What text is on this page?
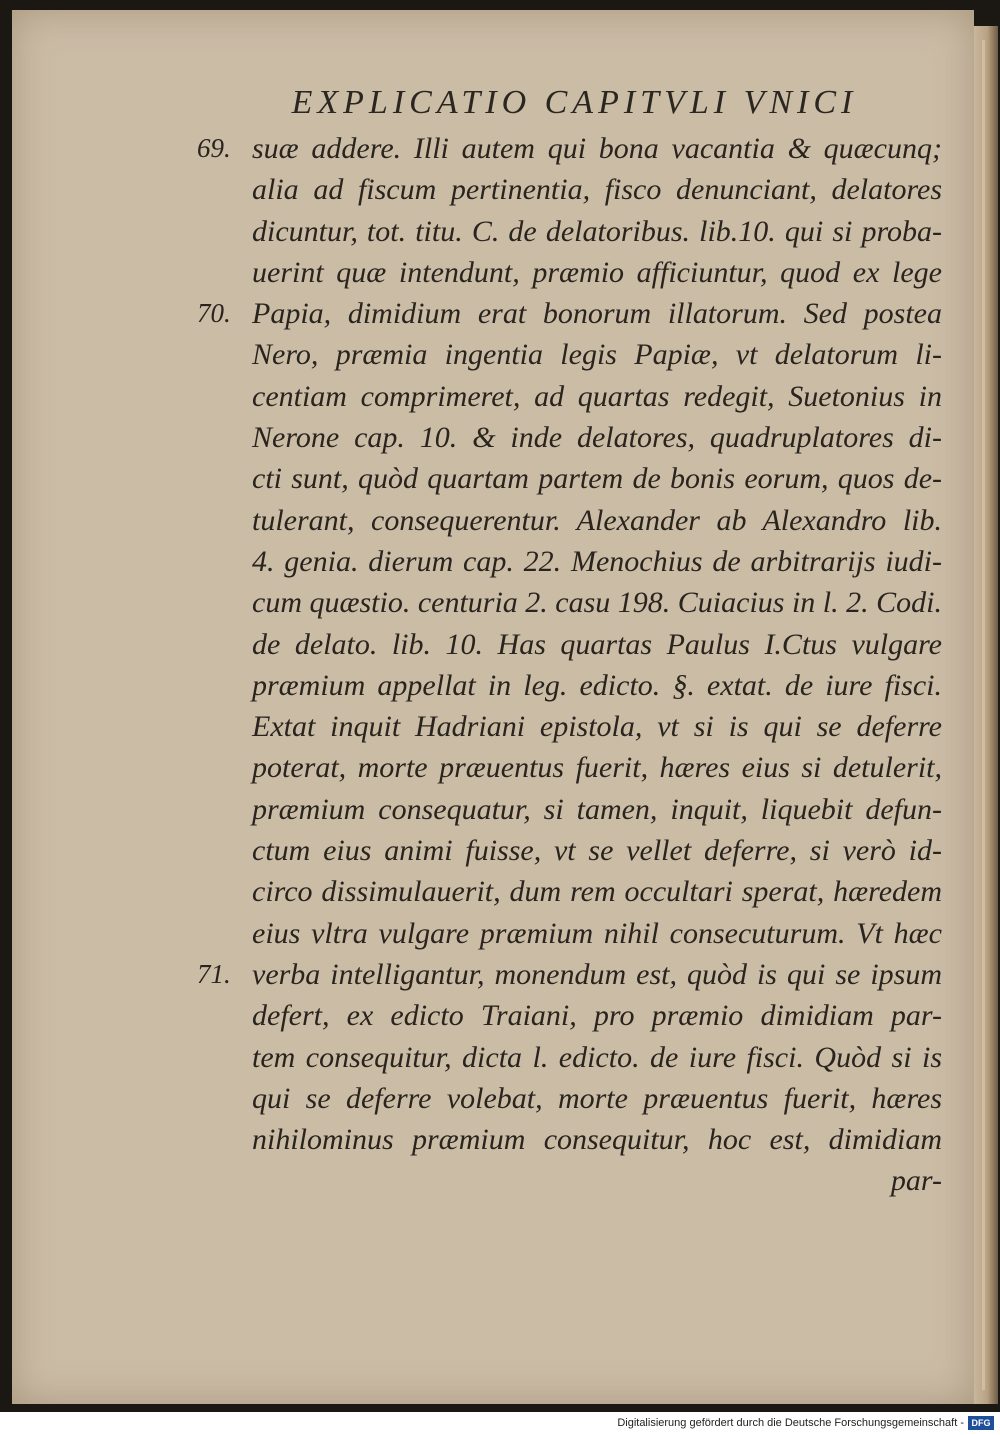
EXPLICATIO CAPITVLI VNICI
69. suæ addere. Illi autem qui bona vacantia & quæcunq;
alia ad fiscum pertinentia, fisco denunciant, delatores
dicuntur, tot. titu. C. de delatoribus. lib.10. qui si proba-
uerint quæ intendunt, præmio afficiuntur, quod ex lege
70. Papia, dimidium erat bonorum illatorum. Sed postea
Nero, præmia ingentia legis Papiæ, vt delatorum li-
centiam comprimeret, ad quartas redegit, Suetonius in
Nerone cap. 10. & inde delatores, quadruplatores di-
cti sunt, quòd quartam partem de bonis eorum, quos de-
tulerant, consequerentur. Alexander ab Alexandro lib.
4. genia. dierum cap. 22. Menochius de arbitrarijs iudi-
cum quæstio. centuria 2. casu 198. Cuiacius in l. 2. Codi.
de delato. lib. 10. Has quartas Paulus I.Ctus vulgare
præmium appellat in leg. edicto. §. extat. de iure fisci.
Extat inquit Hadriani epistola, vt si is qui se deferre
poterat, morte præuentus fuerit, hæres eius si detulerit,
præmium consequatur, si tamen, inquit, liquebit defun-
ctum eius animi fuisse, vt se vellet deferre, si verò id-
circo dissimulauerit, dum rem occultari sperat, hæredem
eius vltra vulgare præmium nihil consecuturum. Vt hæc
71. verba intelligantur, monendum est, quòd is qui se ipsum
defert, ex edicto Traiani, pro præmio dimidiam par-
tem consequitur, dicta l. edicto. de iure fisci. Quòd si is
qui se deferre volebat, morte præuentus fuerit, hæres
nihilominus præmium consequitur, hoc est, dimidiam
par-
Digitalisierung gefördert durch die Deutsche Forschungsgemeinschaft - DFG
